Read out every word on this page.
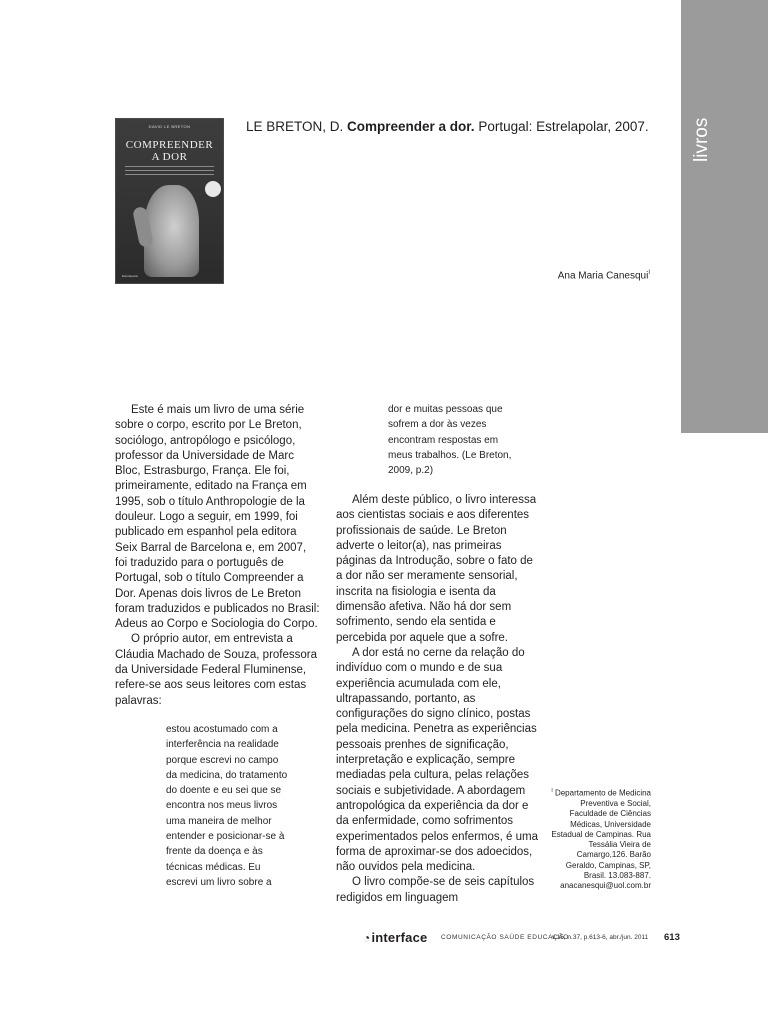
livros
DAVID LE BRETON
COMPREENDER
A DOR
Estrelapolar
LE BRETON, D. Compreender a dor. Portugal: Estrelapolar, 2007.
Ana Maria Canesqui$^I$

Este é mais um livro de uma série sobre o corpo, escrito por Le Breton, sociólogo, antropólogo e psicólogo, professor da Universidade de Marc Bloc, Estrasburgo, França. Ele foi, primeiramente, editado na França em 1995, sob o título Anthropologie de la douleur. Logo a seguir, em 1999, foi publicado em espanhol pela editora Seix Barral de Barcelona e, em 2007, foi traduzido para o português de Portugal, sob o título Compreender a Dor. Apenas dois livros de Le Breton foram traduzidos e publicados no Brasil: Adeus ao Corpo e Sociologia do Corpo.

O próprio autor, em entrevista a Cláudia Machado de Souza, professora da Universidade Federal Fluminense, refere-se aos seus leitores com estas palavras:

estou acostumado com a interferência na realidade porque escrevi no campo da medicina, do tratamento do doente e eu sei que se encontra nos meus livros uma maneira de melhor entender e posicionar-se à frente da doença e às técnicas médicas. Eu escrevi um livro sobre a

dor e muitas pessoas que sofrem a dor às vezes encontram respostas em meus trabalhos. (Le Breton, 2009, p.2)

Além deste público, o livro interessa aos cientistas sociais e aos diferentes profissionais de saúde. Le Breton adverte o leitor(a), nas primeiras páginas da Introdução, sobre o fato de a dor não ser meramente sensorial, inscrita na fisiologia e isenta da dimensão afetiva. Não há dor sem sofrimento, sendo ela sentida e percebida por aquele que a sofre.

A dor está no cerne da relação do indivíduo com o mundo e de sua experiência acumulada com ele, ultrapassando, portanto, as configurações do signo clínico, postas pela medicina. Penetra as experiências pessoais prenhes de significação, interpretação e explicação, sempre mediadas pela cultura, pelas relações sociais e subjetividade. A abordagem antropológica da experiência da dor e da enfermidade, como sofrimentos experimentados pelos enfermos, é uma forma de aproximar-se dos adoecidos, não ouvidos pela medicina.

O livro compõe-se de seis capítulos redigidos em linguagem

$^I$ Departamento de Medicina Preventiva e Social, Faculdade de Ciências Médicas, Universidade Estadual de Campinas. Rua Tessália Vieira de Camargo,126. Barão Geraldo, Campinas, SP, Brasil. 13.083-887.
anacanesqui@uol.com.br
◔interface COMUNICAÇÃO SAÚDE EDUCAÇÃO
v.15, n.37, p.613-6, abr./jun. 2011 613
